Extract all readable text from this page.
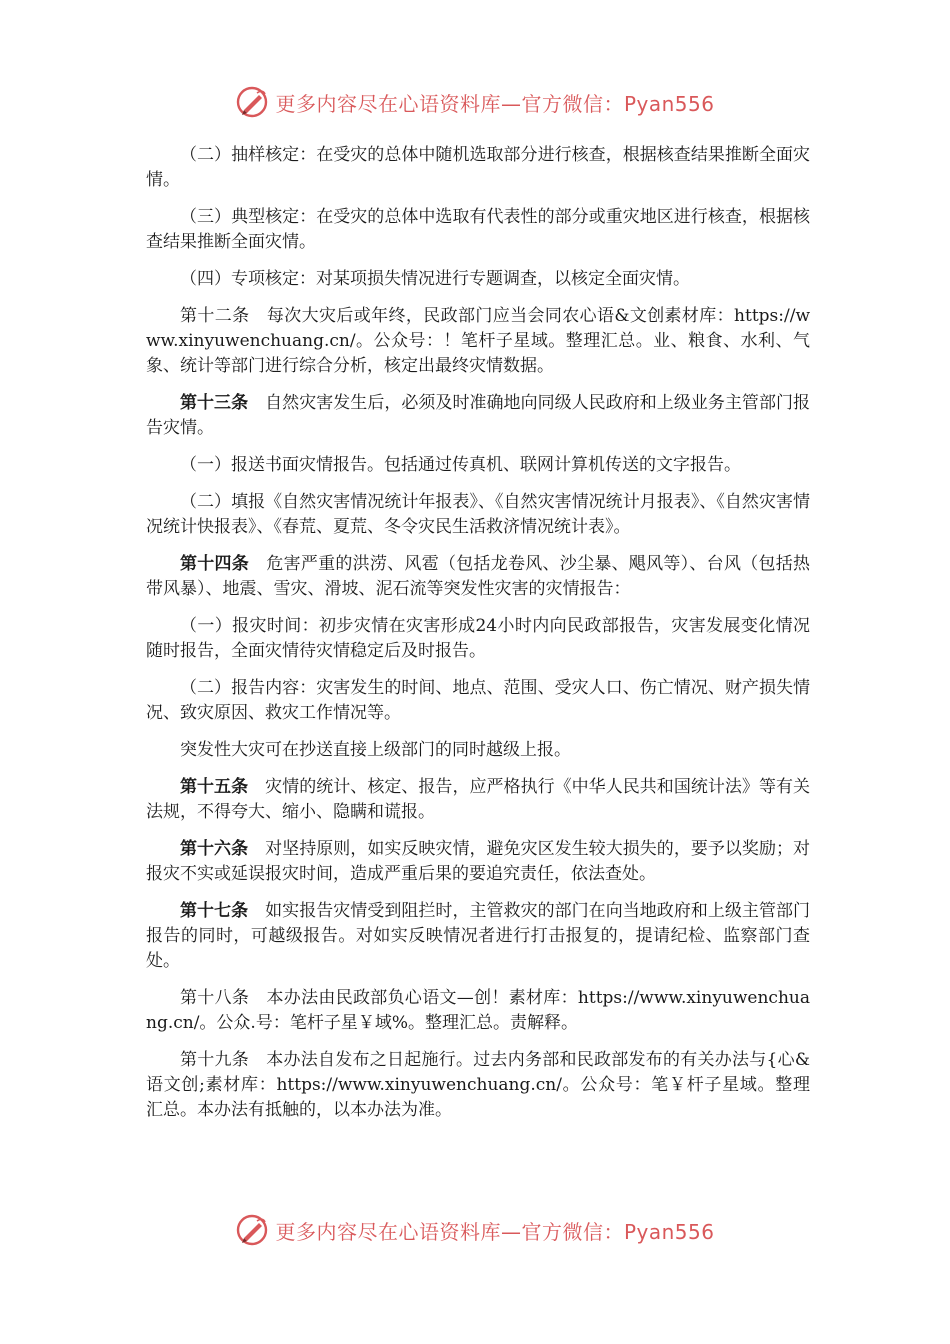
更多内容尽在心语资料库—官方微信：Pyan556

（二）抽样核定：在受灾的总体中随机选取部分进行核查，根据核查结果推断全面灾情。

（三）典型核定：在受灾的总体中选取有代表性的部分或重灾地区进行核查，根据核查结果推断全面灾情。

（四）专项核定：对某项损失情况进行专题调查，以核定全面灾情。

第十二条 每次大灾后或年终，民政部门应当会同农心语&文创素材库：https://www.xinyuwenchuang.cn/。公众号：！笔杆子星域。整理汇总。业、粮食、水利、气象、统计等部门进行综合分析，核定出最终灾情数据。

第十三条 自然灾害发生后，必须及时准确地向同级人民政府和上级业务主管部门报告灾情。

（一）报送书面灾情报告。包括通过传真机、联网计算机传送的文字报告。

（二）填报《自然灾害情况统计年报表》、《自然灾害情况统计月报表》、《自然灾害情况统计快报表》、《春荒、夏荒、冬令灾民生活救济情况统计表》。

第十四条 危害严重的洪涝、风雹（包括龙卷风、沙尘暴、飓风等）、台风（包括热带风暴）、地震、雪灾、滑坡、泥石流等突发性灾害的灾情报告：

（一）报灾时间：初步灾情在灾害形成24小时内向民政部报告，灾害发展变化情况随时报告，全面灾情待灾情稳定后及时报告。

（二）报告内容：灾害发生的时间、地点、范围、受灾人口、伤亡情况、财产损失情况、致灾原因、救灾工作情况等。

突发性大灾可在抄送直接上级部门的同时越级上报。

第十五条 灾情的统计、核定、报告，应严格执行《中华人民共和国统计法》等有关法规，不得夸大、缩小、隐瞒和谎报。

第十六条 对坚持原则，如实反映灾情，避免灾区发生较大损失的，要予以奖励；对报灾不实或延误报灾时间，造成严重后果的要追究责任，依法查处。

第十七条 如实报告灾情受到阻拦时，主管救灾的部门在向当地政府和上级主管部门报告的同时，可越级报告。对如实反映情况者进行打击报复的，提请纪检、监察部门查处。

第十八条 本办法由民政部负心语文—创！素材库：https://www.xinyuwenchuang.cn/。公众.号：笔杆子星￥域%。整理汇总。责解释。

第十九条 本办法自发布之日起施行。过去内务部和民政部发布的有关办法与{心&语文创;素材库：https://www.xinyuwenchuang.cn/。公众号：笔￥杆子星域。整理汇总。本办法有抵触的，以本办法为准。

更多内容尽在心语资料库—官方微信：Pyan556
